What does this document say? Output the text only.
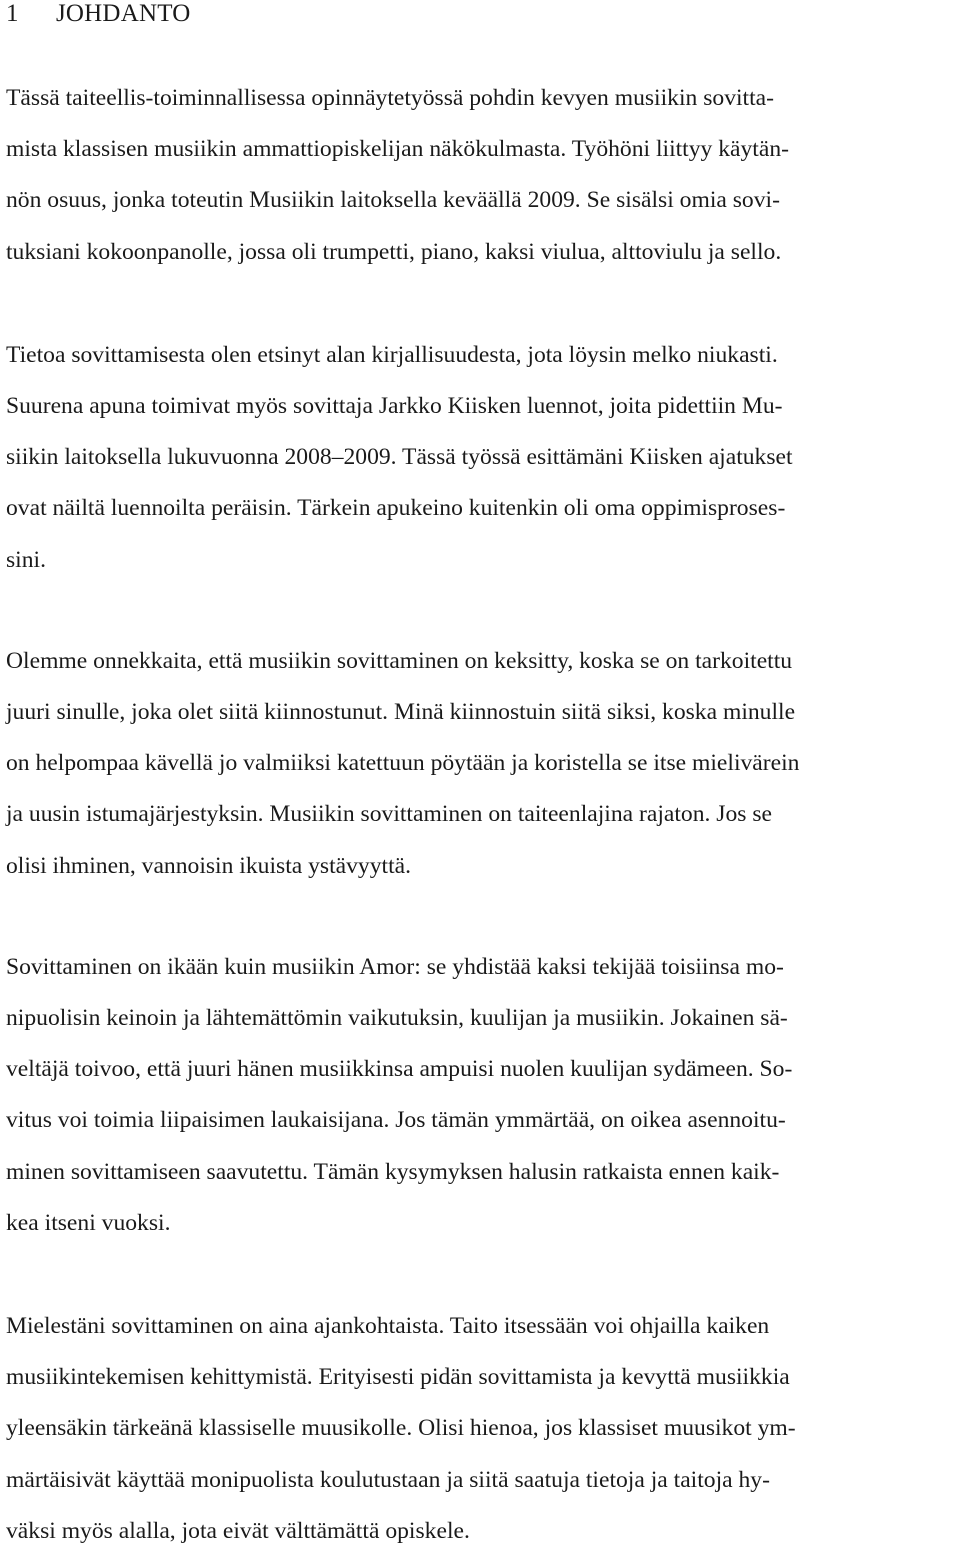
1 JOHDANTO

Tässä taiteellis-toiminnallisessa opinnäytetyössä pohdin kevyen musiikin sovitta-
mista klassisen musiikin ammattiopiskelijan näkökulmasta. Työhöni liittyy käytän-
nön osuus, jonka toteutin Musiikin laitoksella keväällä 2009. Se sisälsi omia sovi-
tuksiani kokoonpanolle, jossa oli trumpetti, piano, kaksi viulua, alttoviulu ja sello.

Tietoa sovittamisesta olen etsinyt alan kirjallisuudesta, jota löysin melko niukasti.
Suurena apuna toimivat myös sovittaja Jarkko Kiisken luennot, joita pidettiin Mu-
siikin laitoksella lukuvuonna 2008–2009. Tässä työssä esittämäni Kiisken ajatukset
ovat näiltä luennoilta peräisin. Tärkein apukeino kuitenkin oli oma oppimisproses-
sini.

Olemme onnekkaita, että musiikin sovittaminen on keksitty, koska se on tarkoitettu
juuri sinulle, joka olet siitä kiinnostunut. Minä kiinnostuin siitä siksi, koska minulle
on helpompaa kävellä jo valmiiksi katettuun pöytään ja koristella se itse mielivärein
ja uusin istumajärjestyksin. Musiikin sovittaminen on taiteenlajina rajaton. Jos se
olisi ihminen, vannoisin ikuista ystävyyttä.

Sovittaminen on ikään kuin musiikin Amor: se yhdistää kaksi tekijää toisiinsa mo-
nipuolisin keinoin ja lähtemättömin vaikutuksin, kuulijan ja musiikin. Jokainen sä-
veltäjä toivoo, että juuri hänen musiikkinsa ampuisi nuolen kuulijan sydämeen. So-
vitus voi toimia liipaisimen laukaisijana. Jos tämän ymmärtää, on oikea asennoitu-
minen sovittamiseen saavutettu. Tämän kysymyksen halusin ratkaista ennen kaik-
kea itseni vuoksi.

Mielestäni sovittaminen on aina ajankohtaista. Taito itsessään voi ohjailla kaiken
musiikintekemisen kehittymistä. Erityisesti pidän sovittamista ja kevyttä musiikkia
yleensäkin tärkeänä klassiselle muusikolle. Olisi hienoa, jos klassiset muusikot ym-
märtäisivät käyttää monipuolista koulutustaan ja siitä saatuja tietoja ja taitoja hy-
väksi myös alalla, jota eivät välttämättä opiskele.
